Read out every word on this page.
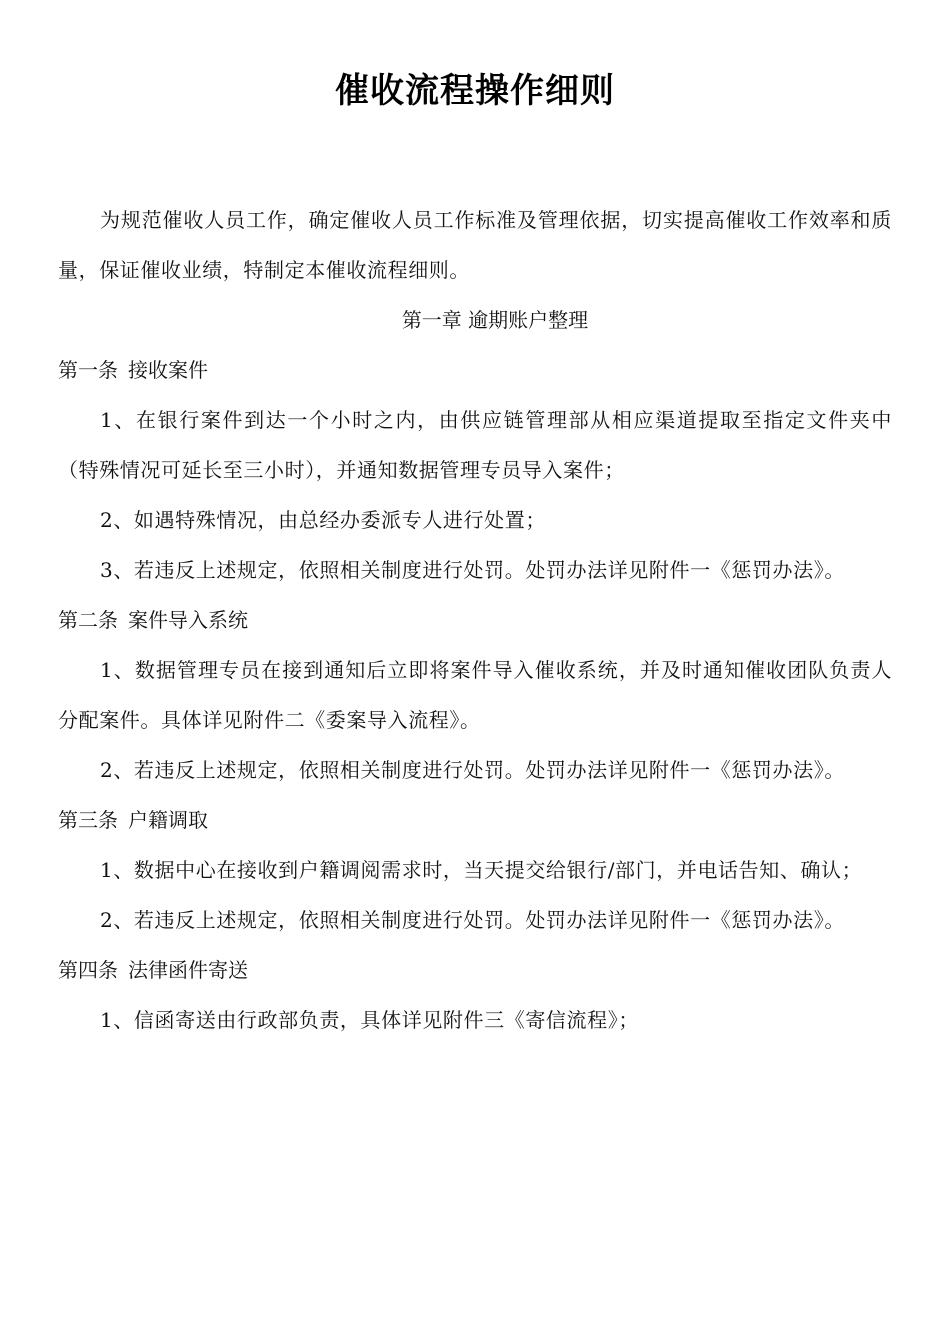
催收流程操作细则

为规范催收人员工作，确定催收人员工作标准及管理依据，切实提高催收工作效率和质量，保证催收业绩，特制定本催收流程细则。

第一章 逾期账户整理

第一条 接收案件

1、在银行案件到达一个小时之内，由供应链管理部从相应渠道提取至指定文件夹中（特殊情况可延长至三小时），并通知数据管理专员导入案件；

2、如遇特殊情况，由总经办委派专人进行处置；

3、若违反上述规定，依照相关制度进行处罚。处罚办法详见附件一《惩罚办法》。

第二条 案件导入系统

1、数据管理专员在接到通知后立即将案件导入催收系统，并及时通知催收团队负责人分配案件。具体详见附件二《委案导入流程》。

2、若违反上述规定，依照相关制度进行处罚。处罚办法详见附件一《惩罚办法》。

第三条 户籍调取

1、数据中心在接收到户籍调阅需求时，当天提交给银行/部门，并电话告知、确认；

2、若违反上述规定，依照相关制度进行处罚。处罚办法详见附件一《惩罚办法》。

第四条 法律函件寄送

1、信函寄送由行政部负责，具体详见附件三《寄信流程》；
